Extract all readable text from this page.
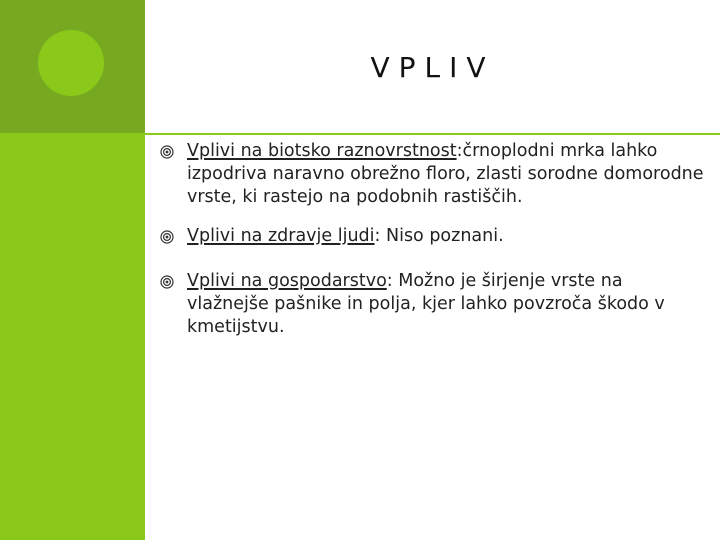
VPLIV
Vplivi na biotsko raznovrstnost:črnoplodni mrka lahko izpodriva naravno obrežno floro, zlasti sorodne domorodne vrste, ki rastejo na podobnih rastiščih.
Vplivi na zdravje ljudi: Niso poznani.
Vplivi na gospodarstvo: Možno je širjenje vrste na vlažnejše pašnike in polja, kjer lahko povzroča škodo v kmetijstvu.
